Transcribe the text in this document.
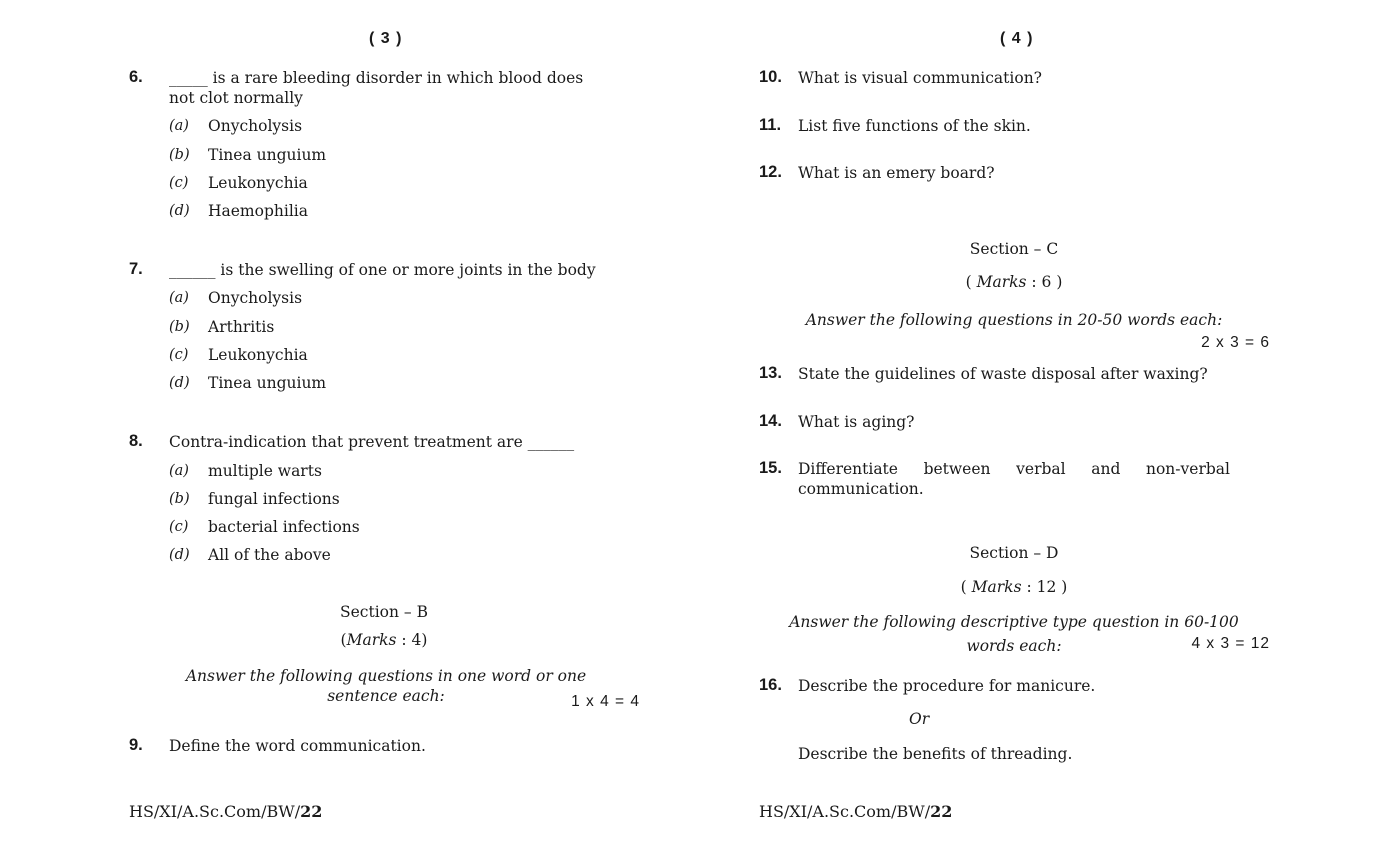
( 3 )
6. _____ is a rare bleeding disorder in which blood does
not clot normally
(a) Onycholysis
(b) Tinea unguium
(c) Leukonychia
(d) Haemophilia
7. ______ is the swelling of one or more joints in the body
(a) Onycholysis
(b) Arthritis
(c) Leukonychia
(d) Tinea unguium
8. Contra-indication that prevent treatment are ______
(a) multiple warts
(b) fungal infections
(c) bacterial infections
(d) All of the above
Section – B
(Marks : 4)
Answer the following questions in one word or one
sentence each:	1 x 4 = 4
9. Define the word communication.
HS/XI/A.Sc.Com/BW/22
( 4 )
10. What is visual communication?
11. List five functions of the skin.
12. What is an emery board?
Section – C
( Marks : 6 )
Answer the following questions in 20-50 words each:
2 x 3 = 6
13. State the guidelines of waste disposal after waxing?
14. What is aging?
15. Differentiate between verbal and non-verbal
communication.
Section – D
( Marks : 12 )
Answer the following descriptive type question in 60-100
words each:	4 x 3 = 12
16. Describe the procedure for manicure.
Or
Describe the benefits of threading.
HS/XI/A.Sc.Com/BW/22
